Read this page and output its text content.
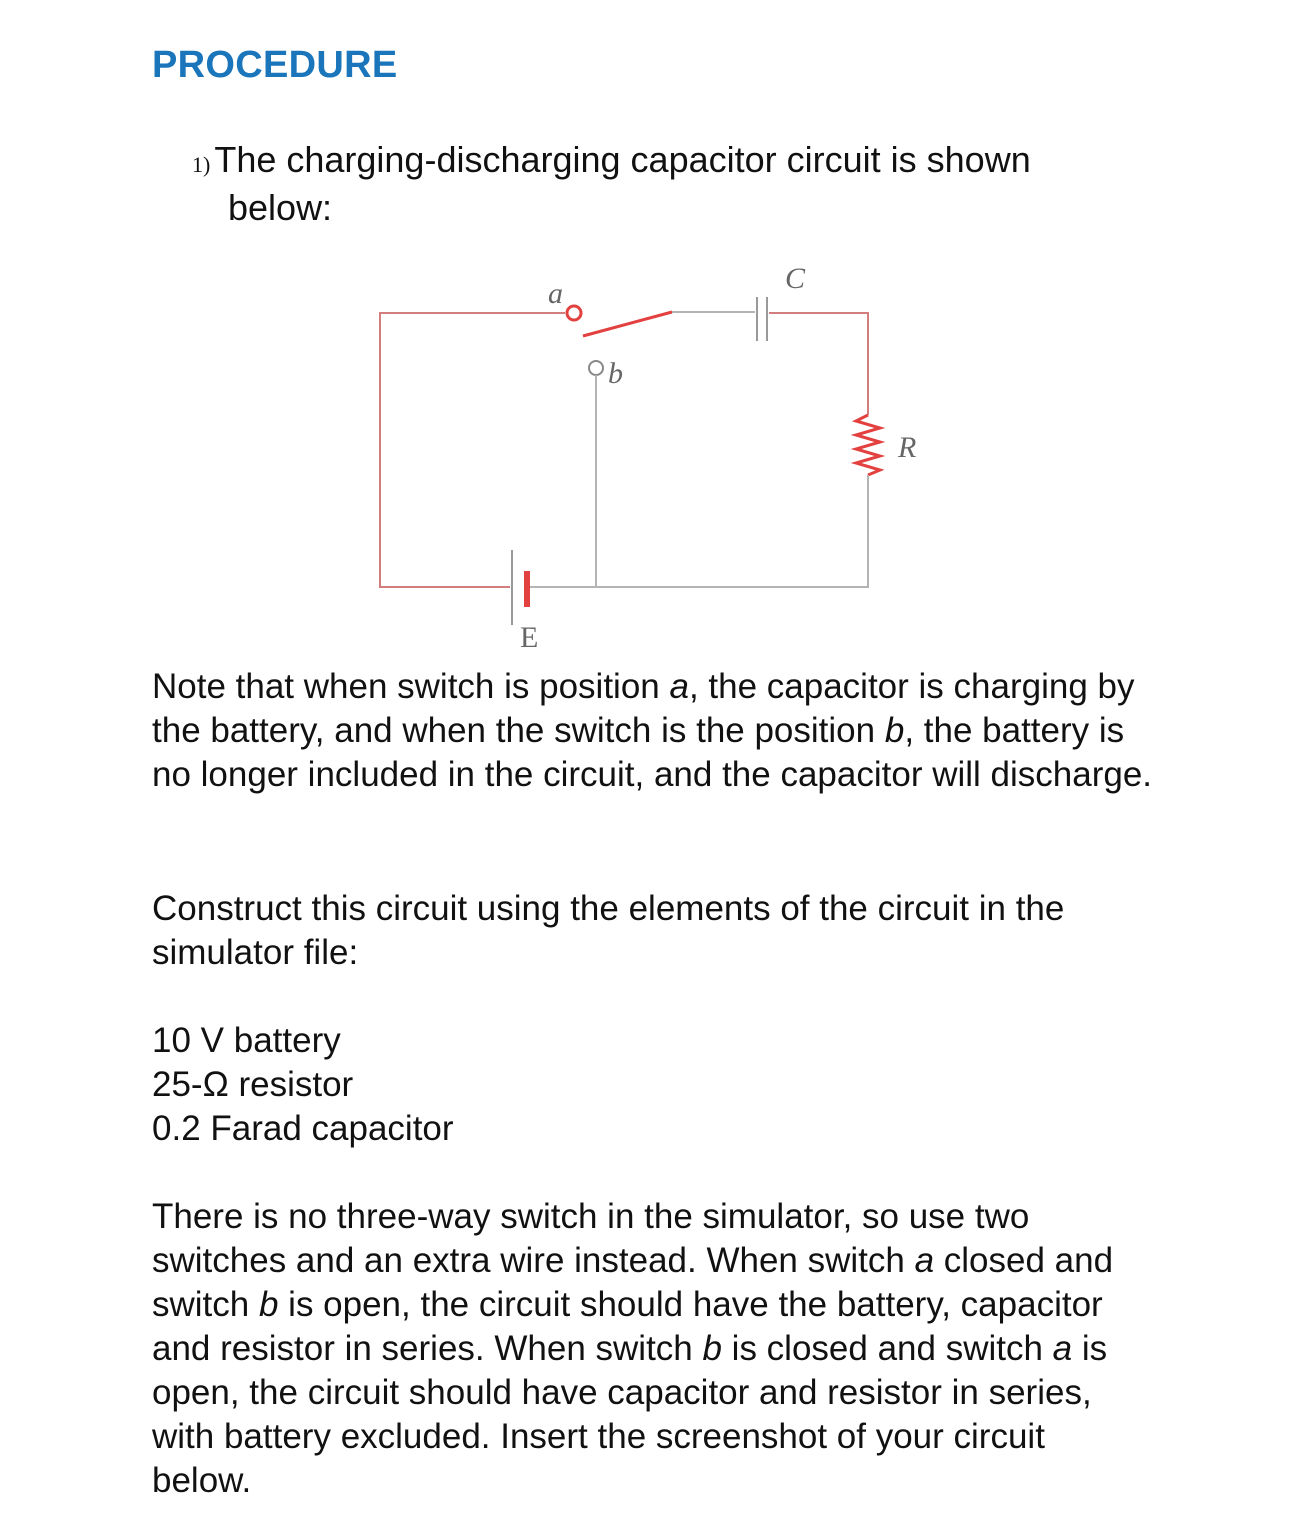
PROCEDURE
1) The charging-discharging capacitor circuit is shown
below:
a
b
C
R
E

Note that when switch is position a, the capacitor is charging by the battery, and when the switch is the position b, the battery is no longer included in the circuit, and the capacitor will discharge.

Construct this circuit using the elements of the circuit in the simulator file:

10 V battery
25-Ω resistor
0.2 Farad capacitor

There is no three-way switch in the simulator, so use two switches and an extra wire instead. When switch a closed and switch b is open, the circuit should have the battery, capacitor and resistor in series. When switch b is closed and switch a is open, the circuit should have capacitor and resistor in series, with battery excluded. Insert the screenshot of your circuit below.
